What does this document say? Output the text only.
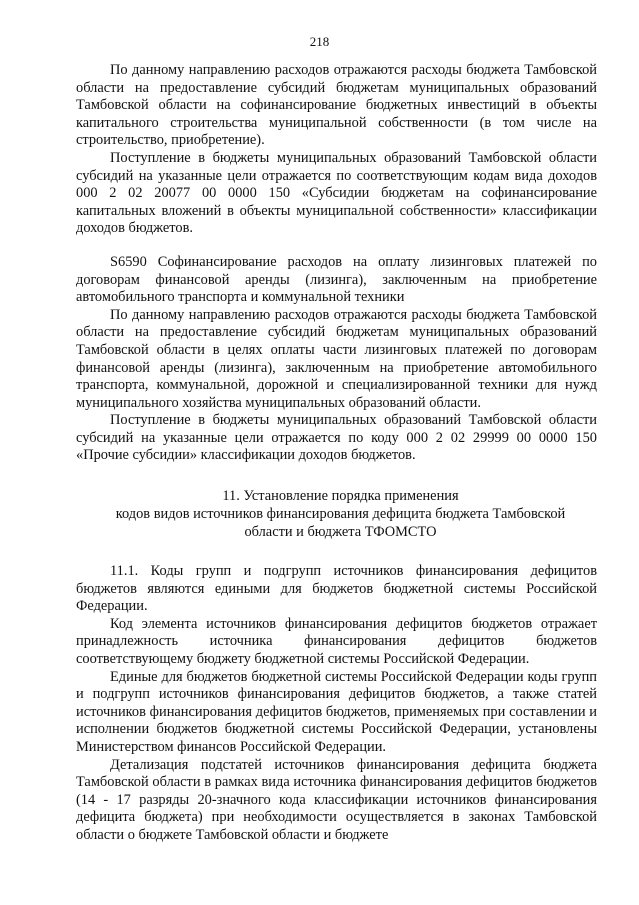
218

По данному направлению расходов отражаются расходы бюджета Тамбовской области на предоставление субсидий бюджетам муниципальных образований Тамбовской области на софинансирование бюджетных инвестиций в объекты капитального строительства муниципальной собственности (в том числе на строительство, приобретение).

Поступление в бюджеты муниципальных образований Тамбовской области субсидий на указанные цели отражается по соответствующим кодам вида доходов 000 2 02 20077 00 0000 150 «Субсидии бюджетам на софинансирование капитальных вложений в объекты муниципальной собственности» классификации доходов бюджетов.

S6590 Софинансирование расходов на оплату лизинговых платежей по договорам финансовой аренды (лизинга), заключенным на приобретение автомобильного транспорта и коммунальной техники

По данному направлению расходов отражаются расходы бюджета Тамбовской области на предоставление субсидий бюджетам муниципальных образований Тамбовской области в целях оплаты части лизинговых платежей по договорам финансовой аренды (лизинга), заключенным на приобретение автомобильного транспорта, коммунальной, дорожной и специализированной техники для нужд муниципального хозяйства муниципальных образований области.

Поступление в бюджеты муниципальных образований Тамбовской области субсидий на указанные цели отражается по коду 000 2 02 29999 00 0000 150 «Прочие субсидии» классификации доходов бюджетов.

11. Установление порядка применения
кодов видов источников финансирования дефицита бюджета Тамбовской
области и бюджета ТФОМСТО

11.1. Коды групп и подгрупп источников финансирования дефицитов бюджетов являются едиными для бюджетов бюджетной системы Российской Федерации.

Код элемента источников финансирования дефицитов бюджетов отражает принадлежность источника финансирования дефицитов бюджетов соответствующему бюджету бюджетной системы Российской Федерации.

Единые для бюджетов бюджетной системы Российской Федерации коды групп и подгрупп источников финансирования дефицитов бюджетов, а также статей источников финансирования дефицитов бюджетов, применяемых при составлении и исполнении бюджетов бюджетной системы Российской Федерации, установлены Министерством финансов Российской Федерации.

Детализация подстатей источников финансирования дефицита бюджета Тамбовской области в рамках вида источника финансирования дефицитов бюджетов (14 - 17 разряды 20-значного кода классификации источников финансирования дефицита бюджета) при необходимости осуществляется в законах Тамбовской области о бюджете Тамбовской области и бюджете
